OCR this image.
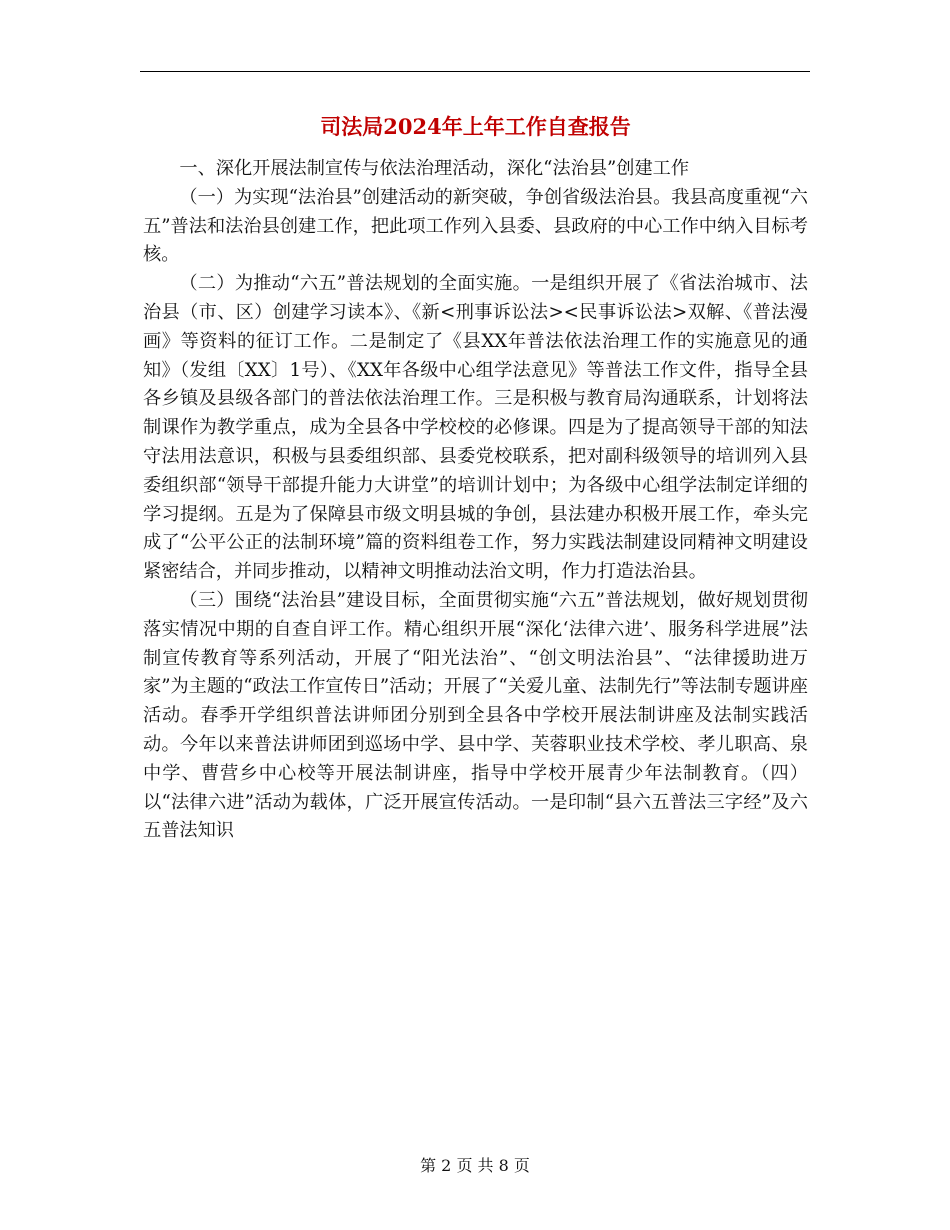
司法局2024年上年工作自查报告

一、深化开展法制宣传与依法治理活动，深化“法治县”创建工作

（一）为实现“法治县”创建活动的新突破，争创省级法治县。我县高度重视“六五”普法和法治县创建工作，把此项工作列入县委、县政府的中心工作中纳入目标考核。

（二）为推动“六五”普法规划的全面实施。一是组织开展了《省法治城市、法治县（市、区）创建学习读本》、《新<刑事诉讼法><民事诉讼法>双解、《普法漫画》等资料的征订工作。二是制定了《县XX年普法依法治理工作的实施意见的通知》（发组〔XX〕1号）、《XX年各级中心组学法意见》等普法工作文件，指导全县各乡镇及县级各部门的普法依法治理工作。三是积极与教育局沟通联系，计划将法制课作为教学重点，成为全县各中学校校的必修课。四是为了提高领导干部的知法守法用法意识，积极与县委组织部、县委党校联系，把对副科级领导的培训列入县委组织部“领导干部提升能力大讲堂”的培训计划中；为各级中心组学法制定详细的学习提纲。五是为了保障县市级文明县城的争创，县法建办积极开展工作，牵头完成了“公平公正的法制环境”篇的资料组卷工作，努力实践法制建设同精神文明建设紧密结合，并同步推动，以精神文明推动法治文明，作力打造法治县。

（三）围绕“法治县”建设目标，全面贯彻实施“六五”普法规划，做好规划贯彻落实情况中期的自查自评工作。精心组织开展“深化‘法律六进’、服务科学进展”法制宣传教育等系列活动，开展了“阳光法治”、“创文明法治县”、“法律援助进万家”为主题的“政法工作宣传日”活动；开展了“关爱儿童、法制先行”等法制专题讲座活动。春季开学组织普法讲师团分别到全县各中学校开展法制讲座及法制实践活动。今年以来普法讲师团到巡场中学、县中学、芙蓉职业技术学校、孝儿职高、泉中学、曹营乡中心校等开展法制讲座，指导中学校开展青少年法制教育。（四）以“法律六进”活动为载体，广泛开展宣传活动。一是印制“县六五普法三字经”及六五普法知识

第 2 页 共 8 页
